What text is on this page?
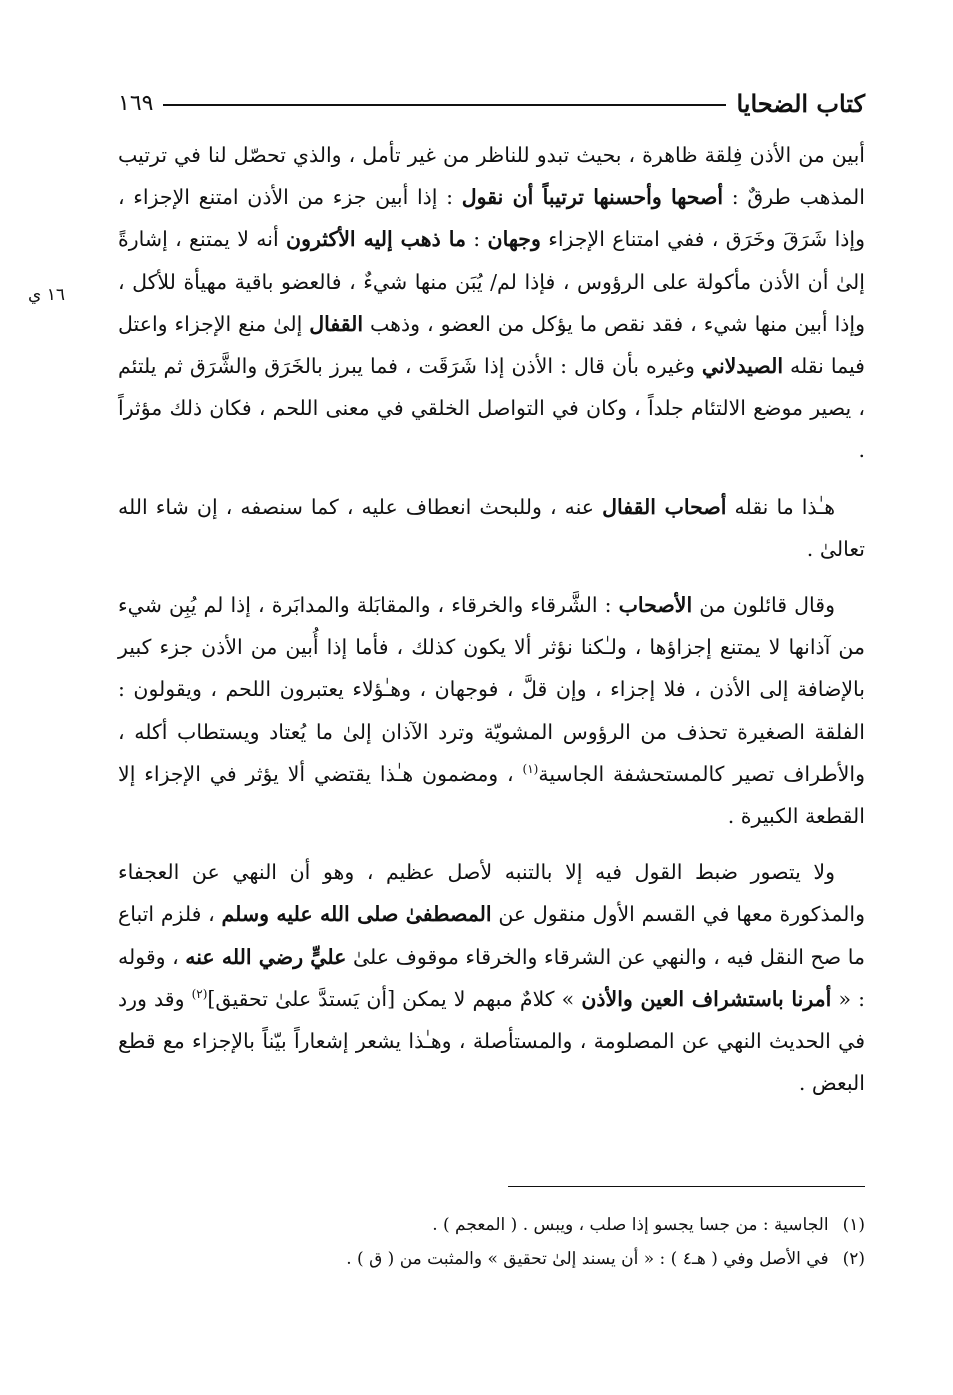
كتاب الضحايا
١٦٩
١٦ ي

أبين من الأذن فِلقة ظاهرة ، بحيث تبدو للناظر من غير تأمل ، والذي تحصّل لنا في ترتيب المذهب طرقٌ : أصحها وأحسنها ترتيباً أن نقول : إذا أبين جزء من الأذن امتنع الإجزاء ، وإذا شَرَقَ وخَرَق ، ففي امتناع الإجزاء وجهان : ما ذهب إليه الأكثرون أنه لا يمتنع ، إشارةً إلىٰ أن الأذن مأكولة على الرؤوس ، فإذا لم/ يُبَن منها شيءٌ ، فالعضو باقية مهيأة للأكل ، وإذا أبين منها شيء ، فقد نقص ما يؤكل من العضو ، وذهب القفال إلىٰ منع الإجزاء واعتل فيما نقله الصيدلاني وغيره بأن قال : الأذن إذا شَرَقَت ، فما يبرز بالخَرَق والشَّرَق ثم يلتئم ، يصير موضع الالتئام جلداً ، وكان في التواصل الخلقي في معنى اللحم ، فكان ذلك مؤثراً .

هـٰذا ما نقله أصحاب القفال عنه ، وللبحث انعطاف عليه ، كما سنصفه ، إن شاء الله تعالىٰ .

وقال قائلون من الأصحاب : الشَّرقاء والخرقاء ، والمقابَلة والمدابَرة ، إذا لم يُبِن شيء من آذانها لا يمتنع إجزاؤها ، ولـٰكنا نؤثر ألا يكون كذلك ، فأما إذا أُبين من الأذن جزء كبير بالإضافة إلى الأذن ، فلا إجزاء ، وإن قلَّ ، فوجهان ، وهـٰؤلاء يعتبرون اللحم ، ويقولون : الفلقة الصغيرة تحذف من الرؤوس المشويّة وترد الآذان إلىٰ ما يُعتاد ويستطاب أكله ، والأطراف تصير كالمستحشفة الجاسية$^{(١)}$ ، ومضمون هـٰذا يقتضي ألا يؤثر في الإجزاء إلا القطعة الكبيرة .

ولا يتصور ضبط القول فيه إلا بالتنبه لأصل عظيم ، وهو أن النهي عن العجفاء والمذكورة معها في القسم الأول منقول عن المصطفىٰ صلى الله عليه وسلم ، فلزم اتباع ما صح النقل فيه ، والنهي عن الشرقاء والخرقاء موقوف علىٰ عليٍّ رضي الله عنه ، وقوله : « أمرنا باستشراف العين والأذن » كلامٌ مبهم لا يمكن [أن يَستدَّ علىٰ تحقيق]$^{(٢)}$ وقد ورد في الحديث النهي عن المصلومة ، والمستأصلة ، وهـٰذا يشعر إشعاراً بيّناً بالإجزاء مع قطع البعض .

(١)الجاسية : من جسا يجسو إذا صلب ، ويبس . ( المعجم ) .
(٢)في الأصل وفي ( هـ٤ ) : « أن يسند إلىٰ تحقيق » والمثبت من ( ق ) .
